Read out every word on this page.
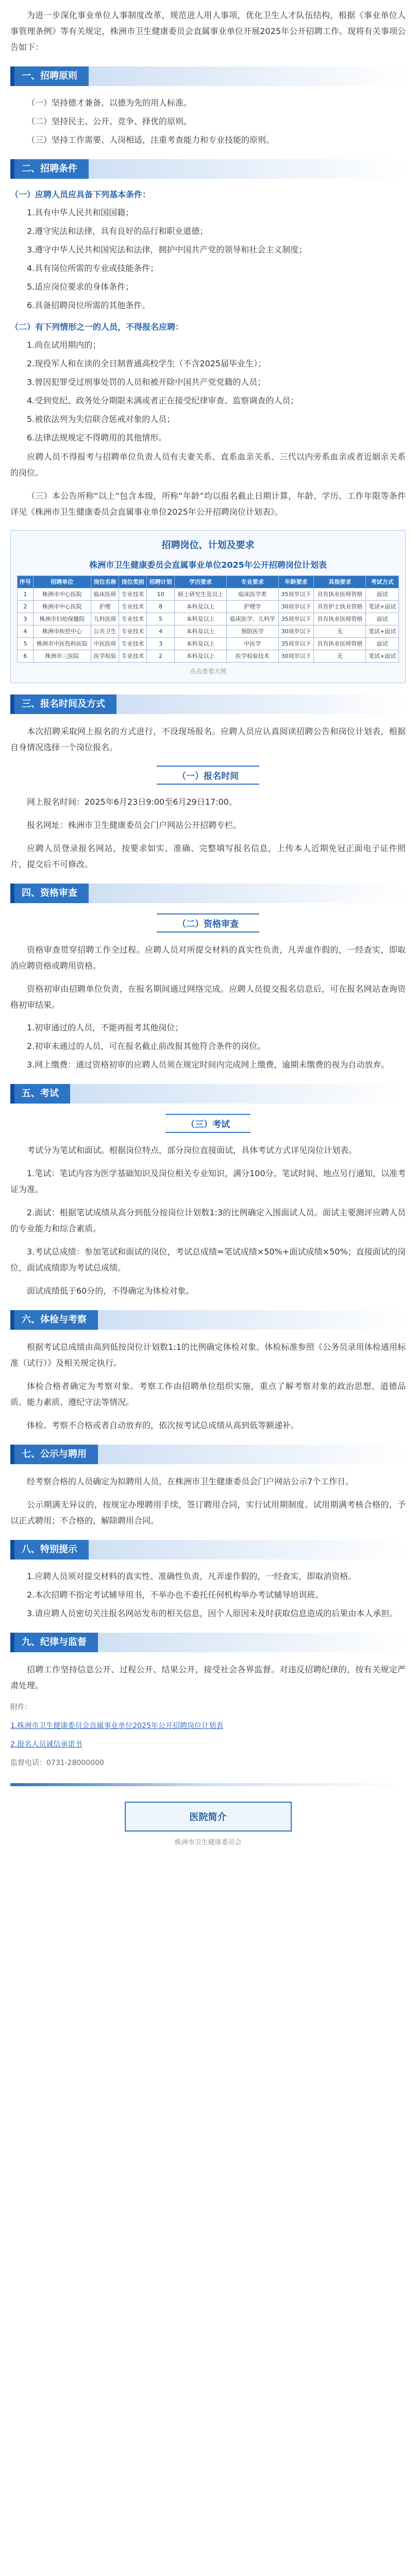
为进一步深化事业单位人事制度改革，规范进人用人事项，优化卫生人才队伍结构，根据《事业单位人事管理条例》等有关规定，株洲市卫生健康委员会直属事业单位开展2025年公开招聘工作。现将有关事项公告如下：

一、招聘原则

（一）坚持德才兼备、以德为先的用人标准。

（二）坚持民主、公开、竞争、择优的原则。

（三）坚持工作需要、人岗相适，注重考查能力和专业技能的原则。

二、招聘条件

（一）应聘人员应具备下列基本条件：

1.具有中华人民共和国国籍；

2.遵守宪法和法律，具有良好的品行和职业道德；

3.遵守中华人民共和国宪法和法律，拥护中国共产党的领导和社会主义制度；

4.具有岗位所需的专业或技能条件；

5.适应岗位要求的身体条件；

6.具备招聘岗位所需的其他条件。

（二）有下列情形之一的人员，不得报名应聘：

1.尚在试用期内的；

2.现役军人和在读的全日制普通高校学生（不含2025届毕业生）；

3.曾因犯罪受过刑事处罚的人员和被开除中国共产党党籍的人员；

4.受到党纪、政务处分期限未满或者正在接受纪律审查、监察调查的人员；

5.被依法列为失信联合惩戒对象的人员；

6.法律法规规定不得聘用的其他情形。

应聘人员不得报考与招聘单位负责人员有夫妻关系、直系血亲关系、三代以内旁系血亲或者近姻亲关系的岗位。

（三）本公告所称“以上”包含本级，所称“年龄”均以报名截止日期计算，年龄、学历、工作年限等条件详见《株洲市卫生健康委员会直属事业单位2025年公开招聘岗位计划表》。

招聘岗位、计划及要求
株洲市卫生健康委员会直属事业单位2025年公开招聘岗位计划表
序号	招聘单位	岗位名称	岗位类别	招聘计划	学历要求	专业要求	年龄要求	其他要求	考试方式
1	株洲市中心医院	临床医师	专业技术	10	硕士研究生及以上	临床医学类	35周岁以下	具有执业医师资格	面试
2	株洲市中心医院	护理	专业技术	8	本科及以上	护理学	30周岁以下	具有护士执业资格	笔试+面试
3	株洲市妇幼保健院	儿科医师	专业技术	5	本科及以上	临床医学、儿科学	35周岁以下	具有执业医师资格	面试
4	株洲市疾控中心	公共卫生	专业技术	4	本科及以上	预防医学	30周岁以下	无	笔试+面试
5	株洲市中医伤科医院	中医医师	专业技术	3	本科及以上	中医学	35周岁以下	具有执业医师资格	面试
6	株洲市三医院	医学检验	专业技术	2	本科及以上	医学检验技术	30周岁以下	无	笔试+面试
点击查看大图
三、报名时间及方式

本次招聘采取网上报名的方式进行，不设现场报名。应聘人员应认真阅读招聘公告和岗位计划表，根据自身情况选择一个岗位报名。

（一）报名时间

网上报名时间：2025年6月23日9:00至6月29日17:00。

报名网址：株洲市卫生健康委员会门户网站公开招聘专栏。

应聘人员登录报名网站，按要求如实、准确、完整填写报名信息，上传本人近期免冠正面电子证件照片，提交后不可修改。

四、资格审查
（二）资格审查

资格审查贯穿招聘工作全过程。应聘人员对所提交材料的真实性负责，凡弄虚作假的，一经查实，即取消应聘资格或聘用资格。

资格初审由招聘单位负责，在报名期间通过网络完成。应聘人员提交报名信息后，可在报名网站查询资格初审结果。

1.初审通过的人员，不能再报考其他岗位；

2.初审未通过的人员，可在报名截止前改报其他符合条件的岗位。

3.网上缴费：通过资格初审的应聘人员须在规定时间内完成网上缴费，逾期未缴费的视为自动放弃。

五、考试
（三）考试

考试分为笔试和面试。根据岗位特点，部分岗位直接面试，具体考试方式详见岗位计划表。

1.笔试：笔试内容为医学基础知识及岗位相关专业知识，满分100分。笔试时间、地点另行通知，以准考证为准。

2.面试：根据笔试成绩从高分到低分按岗位计划数1:3的比例确定入围面试人员。面试主要测评应聘人员的专业能力和综合素质。

3.考试总成绩：参加笔试和面试的岗位，考试总成绩=笔试成绩×50%+面试成绩×50%；直接面试的岗位，面试成绩即为考试总成绩。

面试成绩低于60分的，不得确定为体检对象。

六、体检与考察

根据考试总成绩由高到低按岗位计划数1:1的比例确定体检对象。体检标准参照《公务员录用体检通用标准（试行）》及相关规定执行。

体检合格者确定为考察对象。考察工作由招聘单位组织实施，重点了解考察对象的政治思想、道德品质、能力素质、遵纪守法等情况。

体检、考察不合格或者自动放弃的，依次按考试总成绩从高到低等额递补。

七、公示与聘用

经考察合格的人员确定为拟聘用人员，在株洲市卫生健康委员会门户网站公示7个工作日。

公示期满无异议的，按规定办理聘用手续，签订聘用合同，实行试用期制度。试用期满考核合格的，予以正式聘用；不合格的，解除聘用合同。

八、特别提示

1.应聘人员须对提交材料的真实性、准确性负责，凡弄虚作假的，一经查实，即取消资格。

2.本次招聘不指定考试辅导用书，不举办也不委托任何机构举办考试辅导培训班。

3.请应聘人员密切关注报名网站发布的相关信息，因个人原因未及时获取信息造成的后果由本人承担。

九、纪律与监督

招聘工作坚持信息公开、过程公开、结果公开，接受社会各界监督。对违反招聘纪律的，按有关规定严肃处理。

附件：

1.株洲市卫生健康委员会直属事业单位2025年公开招聘岗位计划表

2.报名人员诚信承诺书

监督电话：0731-28000000

医院简介
株洲市卫生健康委员会
